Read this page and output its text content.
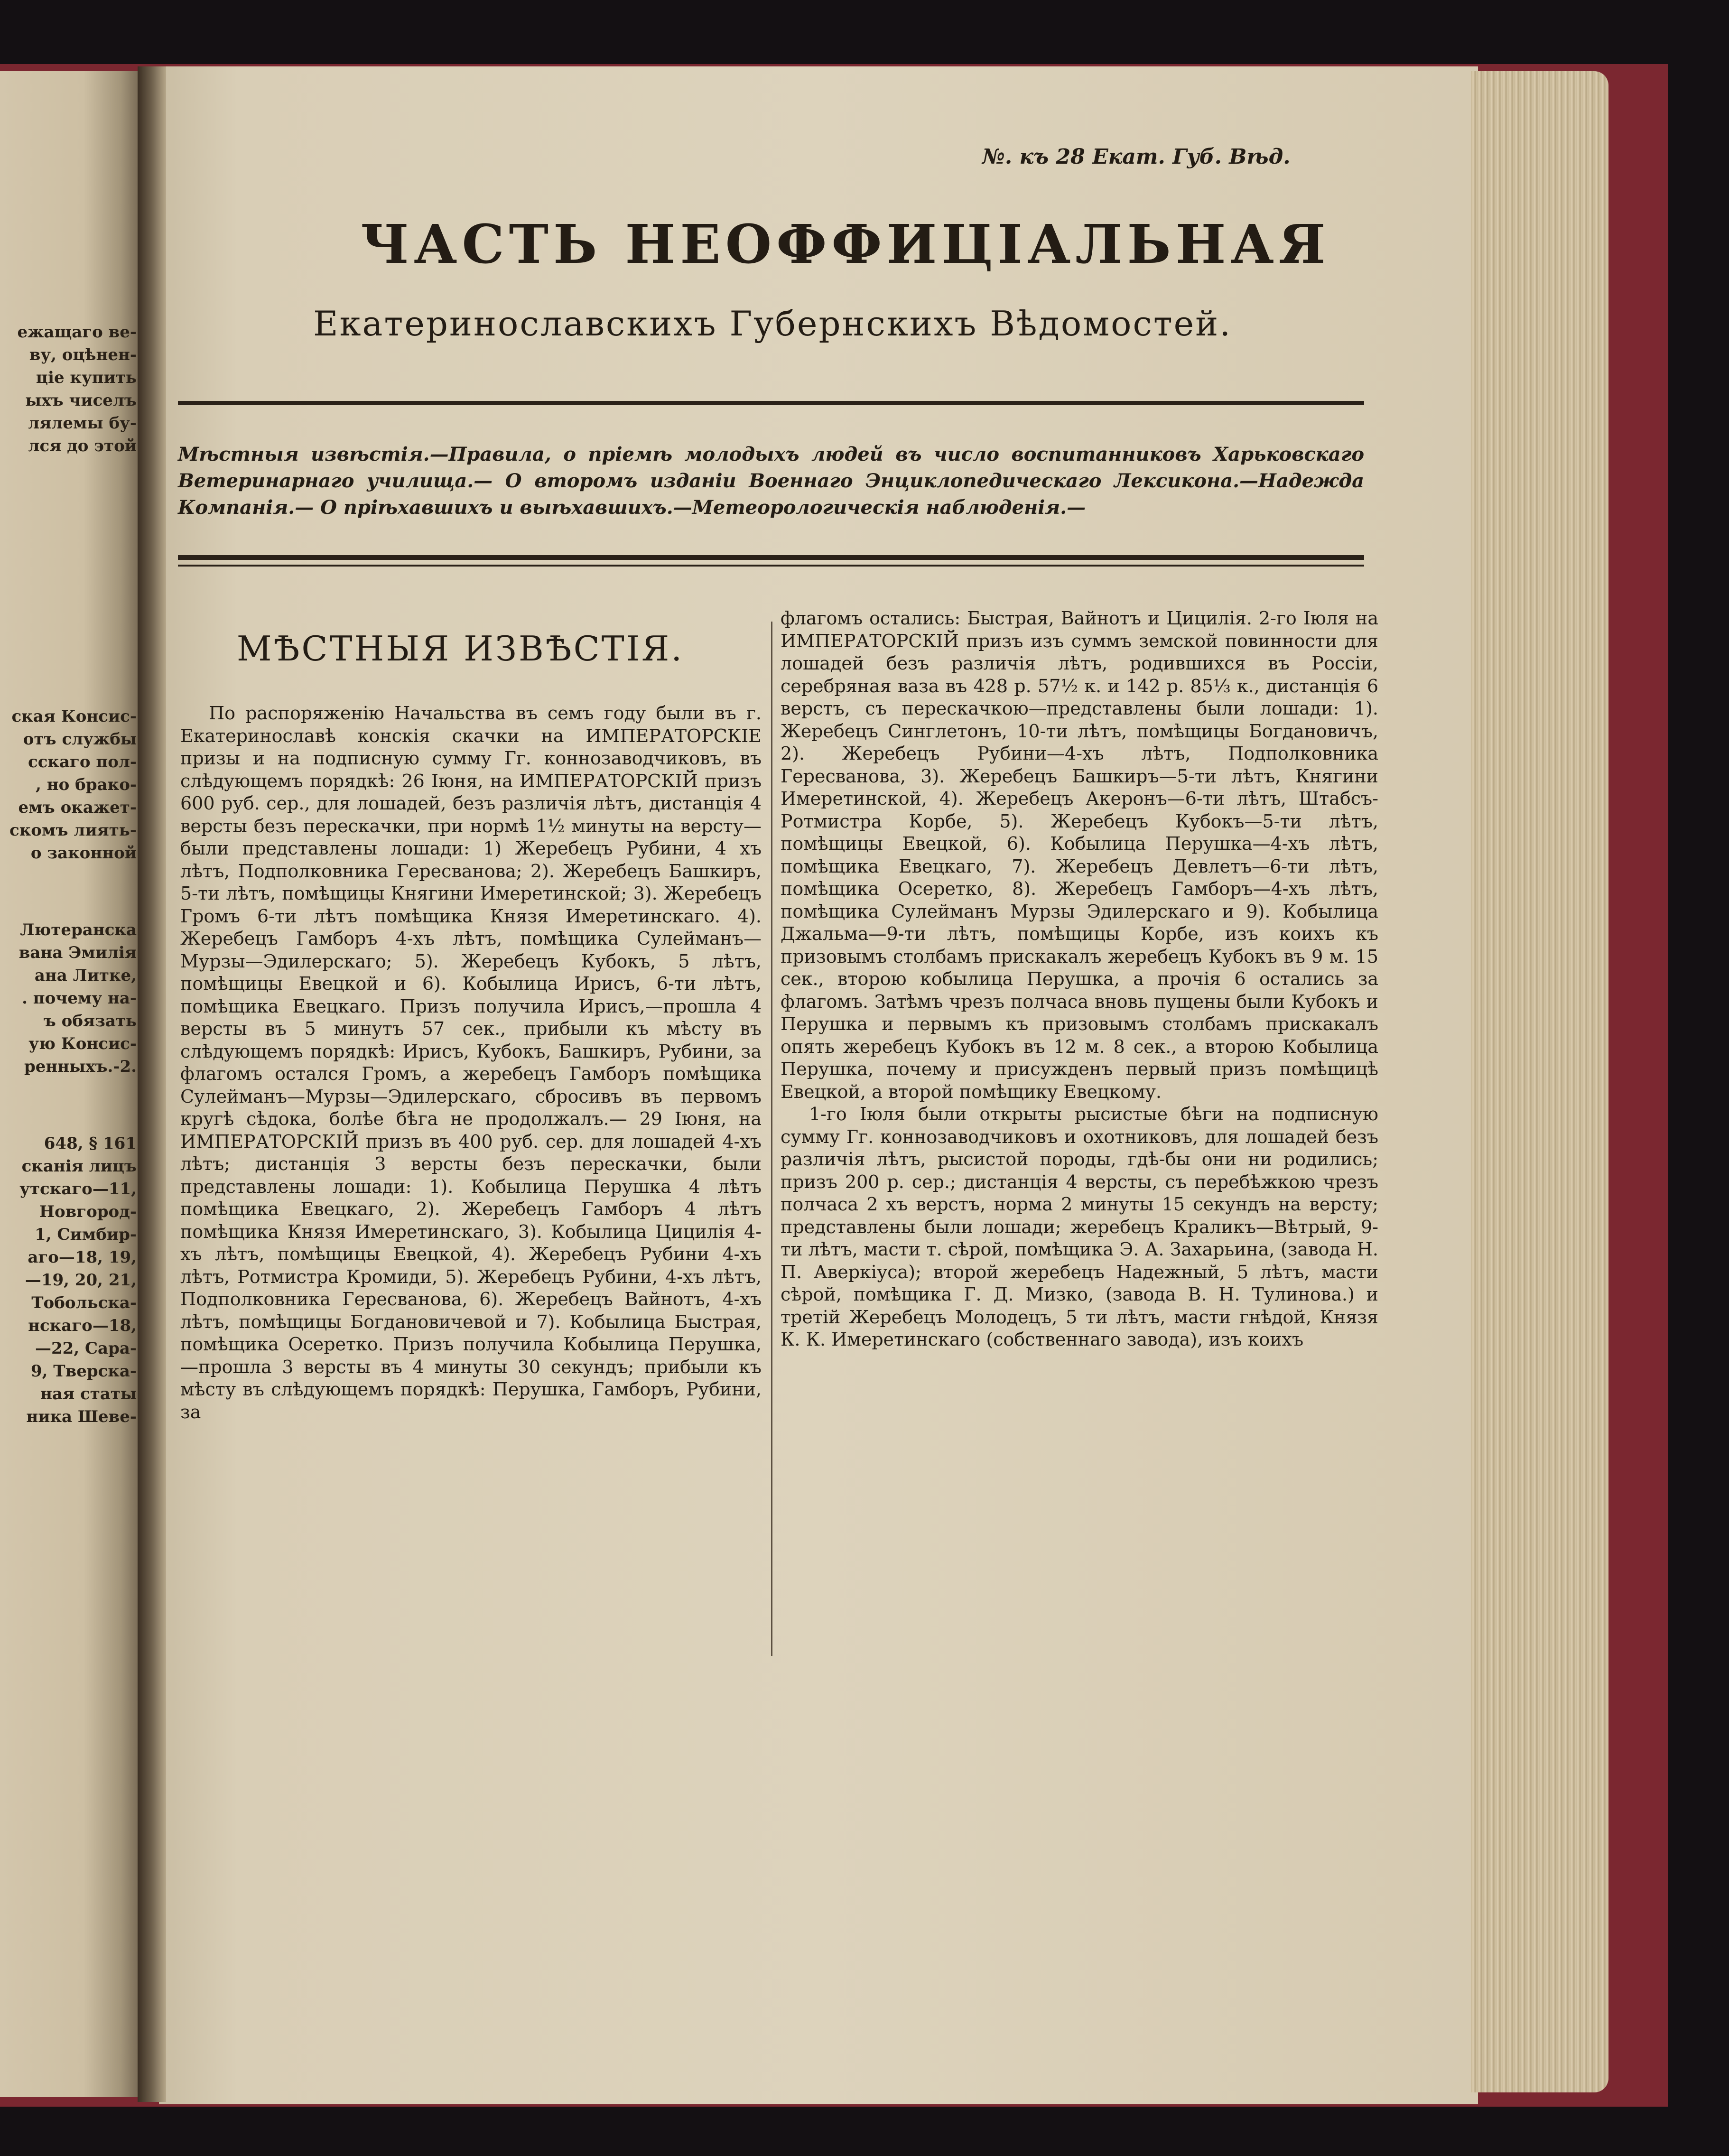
ежащаго ве-
ву, оцѣнен-
ціе купить
ыхъ чиселъ
лялемы бу-
лся до этой
ская Консис-
отъ службы
сскаго пол-
, но брако-
емъ окажет-
скомъ лиять-
о законной
Лютеранска
вана Эмилія
ана Литке,
. почему на-
ъ обязать
ую Консис-
ренныхъ.-2.
648, § 161
сканія лицъ
утскаго—11,
Новгород-
1, Симбир-
аго—18, 19,
—19, 20, 21,
Тобольска-
нскаго—18,
—22, Сара-
9, Тверска-
ная статы
ника Шеве-
№. къ 28 Екат. Губ. Вѣд.
ЧАСТЬ НЕОФФИЦІАЛЬНАЯ
Екатеринославскихъ Губернскихъ Вѣдомостей.
Мѣстныя извѣстія.—Правила, о пріемѣ молодыхъ людей въ число воспитанниковъ Харьковскаго Ветеринарнаго училища.— О второмъ изданіи Военнаго Энциклопедическаго Лексикона.—Надежда Компанія.— О пріѣхавшихъ и выѣхавшихъ.—Метеорологическія наблюденія.—
МѢСТНЫЯ ИЗВѢСТІЯ.

По распоряженію Начальства въ семъ году были въ г. Екатеринославѣ конскія скачки на ИМПЕРАТОРСКІЕ призы и на подписную сумму Гг. коннозаводчиковъ, въ слѣдующемъ порядкѣ: 26 Іюня, на ИМПЕРАТОРСКІЙ призъ 600 руб. сер., для лошадей, безъ различія лѣтъ, дистанція 4 версты безъ перескачки, при нормѣ 1½ минуты на версту—были представлены лошади: 1) Жеребецъ Рубини, 4 хъ лѣтъ, Подполковника Гересванова; 2). Жеребецъ Башкиръ, 5-ти лѣтъ, помѣщицы Княгини Имеретинской; 3). Жеребецъ Громъ 6-ти лѣтъ помѣщика Князя Имеретинскаго. 4). Жеребецъ Гамборъ 4-хъ лѣтъ, помѣщика Сулейманъ—Мурзы—Эдилерскаго; 5). Жеребецъ Кубокъ, 5 лѣтъ, помѣщицы Евецкой и 6). Кобылица Ирисъ, 6-ти лѣтъ, помѣщика Евецкаго. Призъ получила Ирисъ,—прошла 4 версты въ 5 минутъ 57 сек., прибыли къ мѣсту въ слѣдующемъ порядкѣ: Ирисъ, Кубокъ, Башкиръ, Рубини, за флагомъ остался Громъ, а жеребецъ Гамборъ помѣщика Сулейманъ—Мурзы—Эдилерскаго, сбросивъ въ первомъ кругѣ сѣдока, болѣе бѣга не продолжалъ.— 29 Іюня, на ИМПЕРАТОРСКІЙ призъ въ 400 руб. сер. для лошадей 4-хъ лѣтъ; дистанція 3 версты безъ перескачки, были представлены лошади: 1). Кобылица Перушка 4 лѣтъ помѣщика Евецкаго, 2). Жеребецъ Гамборъ 4 лѣтъ помѣщика Князя Имеретинскаго, 3). Кобылица Цицилія 4-хъ лѣтъ, помѣщицы Евецкой, 4). Жеребецъ Рубини 4-хъ лѣтъ, Ротмистра Кромиди, 5). Жеребецъ Рубини, 4-хъ лѣтъ, Подполковника Гересванова, 6). Жеребецъ Вайнотъ, 4-хъ лѣтъ, помѣщицы Богдановичевой и 7). Кобылица Быстрая, помѣщика Осеретко. Призъ получила Кобылица Перушка,—прошла 3 версты въ 4 минуты 30 секундъ; прибыли къ мѣсту въ слѣдующемъ порядкѣ: Перушка, Гамборъ, Рубини, за

флагомъ остались: Быстрая, Вайнотъ и Цицилія. 2-го Іюля на ИМПЕРАТОРСКІЙ призъ изъ суммъ земской повинности для лошадей безъ различія лѣтъ, родившихся въ Россіи, серебряная ваза въ 428 р. 57½ к. и 142 р. 85⅓ к., дистанція 6 верстъ, съ перескачкою—представлены были лошади: 1). Жеребецъ Синглетонъ, 10-ти лѣтъ, помѣщицы Богдановичъ, 2). Жеребецъ Рубини—4-хъ лѣтъ, Подполковника Гересванова, 3). Жеребецъ Башкиръ—5-ти лѣтъ, Княгини Имеретинской, 4). Жеребецъ Акеронъ—6-ти лѣтъ, Штабсъ-Ротмистра Корбе, 5). Жеребецъ Кубокъ—5-ти лѣтъ, помѣщицы Евецкой, 6). Кобылица Перушка—4-хъ лѣтъ, помѣщика Евецкаго, 7). Жеребецъ Девлетъ—6-ти лѣтъ, помѣщика Осеретко, 8). Жеребецъ Гамборъ—4-хъ лѣтъ, помѣщика Сулейманъ Мурзы Эдилерскаго и 9). Кобылица Джальма—9-ти лѣтъ, помѣщицы Корбе, изъ коихъ къ призовымъ столбамъ прискакалъ жеребецъ Кубокъ въ 9 м. 15 сек., второю кобылица Перушка, а прочія 6 остались за флагомъ. Затѣмъ чрезъ полчаса вновь пущены были Кубокъ и Перушка и первымъ къ призовымъ столбамъ прискакалъ опять жеребецъ Кубокъ въ 12 м. 8 сек., а второю Кобылица Перушка, почему и присужденъ первый призъ помѣщицѣ Евецкой, а второй помѣщику Евецкому.

1-го Іюля были открыты рысистые бѣги на подписную сумму Гг. коннозаводчиковъ и охотниковъ, для лошадей безъ различія лѣтъ, рысистой породы, гдѣ-бы они ни родились; призъ 200 р. сер.; дистанція 4 версты, съ перебѣжкою чрезъ полчаса 2 хъ верстъ, норма 2 минуты 15 секундъ на версту; представлены были лошади; жеребецъ Краликъ—Вѣтрый, 9-ти лѣтъ, масти т. сѣрой, помѣщика Э. А. Захарьина, (завода Н. П. Аверкіуса); второй жеребецъ Надежный, 5 лѣтъ, масти сѣрой, помѣщика Г. Д. Мизко, (завода В. Н. Тулинова.) и третій Жеребецъ Молодецъ, 5 ти лѣтъ, масти гнѣдой, Князя К. К. Имеретинскаго (собственнаго завода), изъ коихъ
